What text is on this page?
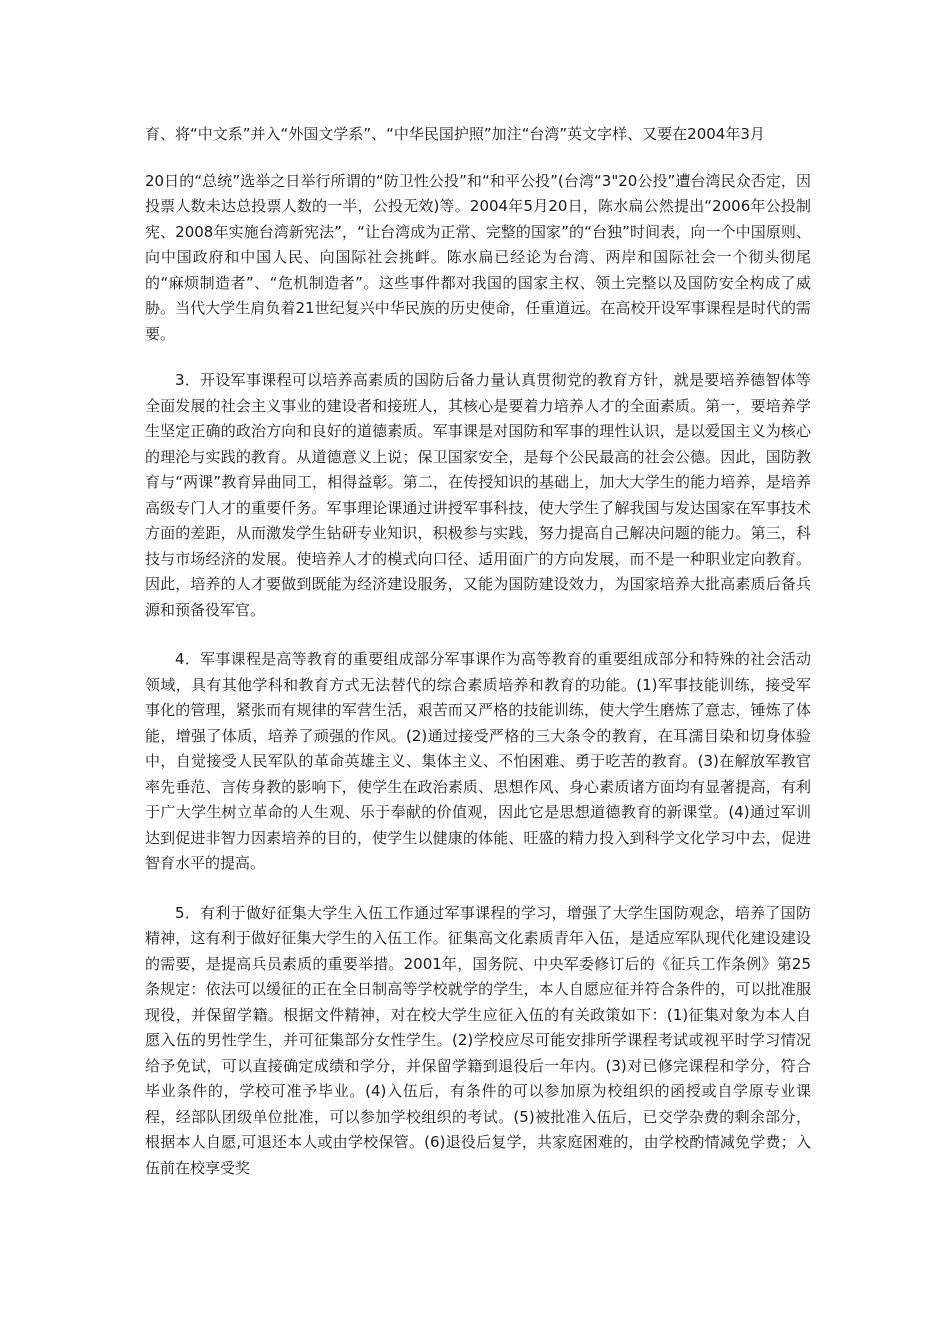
育、将“中文系”并入“外国文学系”、“中华民国护照”加注“台湾”英文字样、又要在2004年3月

20日的“总统”选举之日举行所谓的“防卫性公投”和“和平公投”(台湾“3"20公投”遭台湾民众否定，因投票人数未达总投票人数的一半，公投无效)等。2004年5月20日，陈水扁公然提出“2006年公投制宪、2008年实施台湾新宪法”，“让台湾成为正常、完整的国家”的“台独”时间表，向一个中国原则、向中国政府和中国人民、向国际社会挑衅。陈水扁已经论为台湾、两岸和国际社会一个彻头彻尾的“麻烦制造者”、“危机制造者”。这些事件都对我国的国家主权、领土完整以及国防安全构成了威胁。当代大学生肩负着21世纪复兴中华民族的历史使命，任重道远。在高校开设军事课程是时代的需要。

3．开设军事课程可以培养高素质的国防后备力量认真贯彻党的教育方针，就是要培养德智体等全面发展的社会主义事业的建设者和接班人，其核心是要着力培养人才的全面素质。第一，要培养学生坚定正确的政治方向和良好的道德素质。军事课是对国防和军事的理性认识，是以爱国主义为核心的理沦与实践的教育。从道德意义上说；保卫国家安全，是每个公民最高的社会公德。因此，国防教育与“两课”教育异曲同工，相得益彰。第二，在传授知识的基础上，加大大学生的能力培养，是培养高级专门人才的重要仟务。军事理论课通过讲授军事科技，使大学生了解我国与发达国家在军事技术方面的差距，从而激发学生钻研专业知识，积极参与实践，努力提高自己解决问题的能力。第三，科技与市场经济的发展。使培养人才的模式向口径、适用面广的方向发展，而不是一种职业定向教育。因此，培养的人才要做到既能为经济建设服务，又能为国防建设效力，为国家培养大批高素质后备兵源和预备役军官。

4．军事课程是高等教育的重要组成部分军事课作为高等教育的重要组成部分和特殊的社会活动领域，具有其他学科和教育方式无法替代的综合素质培养和教育的功能。(1)军事技能训练，接受军事化的管理，紧张而有规律的军营生活，艰苦而又严格的技能训练，使大学生磨炼了意志，锤炼了体能，增强了体质，培养了顽强的作风。(2)通过接受严格的三大条令的教育，在耳濡目染和切身体验中，自觉接受人民军队的革命英雄主义、集体主义、不怕困难、勇于吃苦的教育。(3)在解放军教官率先垂范、言传身教的影响下，使学生在政治素质、思想作风、身心素质诸方面均有显著提高，有利于广大学生树立革命的人生观、乐于奉献的价值观，因此它是思想道德教育的新课堂。(4)通过军训达到促进非智力因素培养的目的，使学生以健康的体能、旺盛的精力投入到科学文化学习中去，促进智育水平的提高。

5．有利于做好征集大学生入伍工作通过军事课程的学习，增强了大学生国防观念，培养了国防精神，这有利于做好征集大学生的入伍工作。征集高文化素质青年入伍，是适应军队现代化建设建设的需要，是提高兵员素质的重要举措。2001年，国务院、中央军委修订后的《征兵工作条例》第25条规定：依法可以缓征的正在全日制高等学校就学的学生，本人自愿应征并符合条件的，可以批准服现役，并保留学籍。根据文件精神，对在校大学生应征入伍的有关政策如下：(1)征集对象为本人自愿入伍的男性学生，并可征集部分女性学生。(2)学校应尽可能安排所学课程考试或视平时学习情况给予免试，可以直接确定成绩和学分，并保留学籍到退役后一年内。(3)对已修完课程和学分，符合毕业条件的，学校可准予毕业。(4)入伍后，有条件的可以参加原为校组织的函授或自学原专业课程，经部队团级单位批准，可以参加学校组织的考试。(5)被批准入伍后，已交学杂费的剩余部分，根据本人自愿,可退还本人或由学校保管。(6)退役后复学，共家庭困难的，由学校酌情减免学费；入伍前在校享受奖
